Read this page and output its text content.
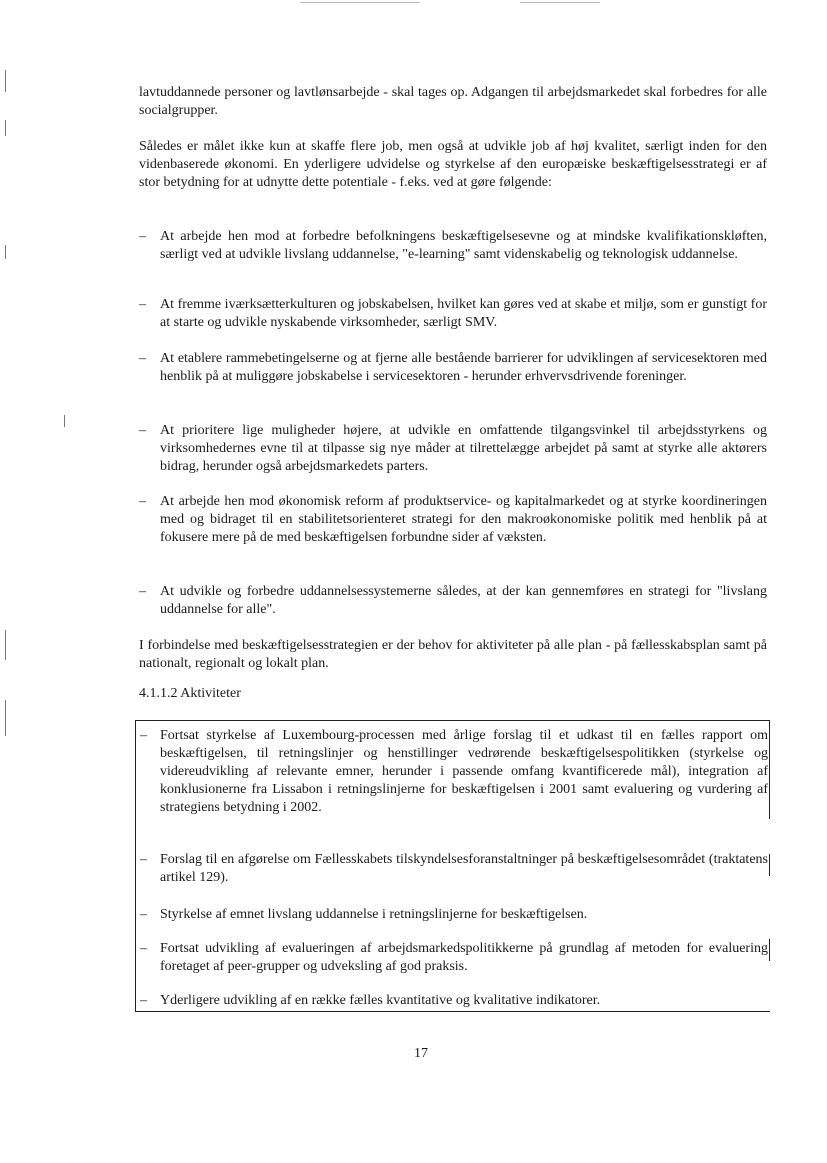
lavtuddannede personer og lavtlønsarbejde - skal tages op. Adgangen til arbejdsmarkedet skal forbedres for alle socialgrupper.

Således er målet ikke kun at skaffe flere job, men også at udvikle job af høj kvalitet, særligt inden for den videnbaserede økonomi. En yderligere udvidelse og styrkelse af den europæiske beskæftigelsesstrategi er af stor betydning for at udnytte dette potentiale - f.eks. ved at gøre følgende:

–	At arbejde hen mod at forbedre befolkningens beskæftigelsesevne og at mindske kvalifikationskløften, særligt ved at udvikle livslang uddannelse, "e-learning" samt videnskabelig og teknologisk uddannelse.

–	At fremme iværksætterkulturen og jobskabelsen, hvilket kan gøres ved at skabe et miljø, som er gunstigt for at starte og udvikle nyskabende virksomheder, særligt SMV.

–	At etablere rammebetingelserne og at fjerne alle bestående barrierer for udviklingen af servicesektoren med henblik på at muliggøre jobskabelse i servicesektoren - herunder erhvervsdrivende foreninger.

–	At prioritere lige muligheder højere, at udvikle en omfattende tilgangsvinkel til arbejdsstyrkens og virksomhedernes evne til at tilpasse sig nye måder at tilrettelægge arbejdet på samt at styrke alle aktørers bidrag, herunder også arbejdsmarkedets parters.

–	At arbejde hen mod økonomisk reform af produktservice- og kapitalmarkedet og at styrke koordineringen med og bidraget til en stabilitetsorienteret strategi for den makroøkonomiske politik med henblik på at fokusere mere på de med beskæftigelsen forbundne sider af væksten.

–	At udvikle og forbedre uddannelsessystemerne således, at der kan gennemføres en strategi for "livslang uddannelse for alle".

I forbindelse med beskæftigelsesstrategien er der behov for aktiviteter på alle plan - på fællesskabsplan samt på nationalt, regionalt og lokalt plan.

4.1.1.2 Aktiviteter
– Fortsat styrkelse af Luxembourg-processen med årlige forslag til et udkast til en fælles rapport om beskæftigelsen, til retningslinjer og henstillinger vedrørende beskæftigelsespolitikken (styrkelse og videreudvikling af relevante emner, herunder i passende omfang kvantificerede mål), integration af konklusionerne fra Lissabon i retningslinjerne for beskæftigelsen i 2001 samt evaluering og vurdering af strategiens betydning i 2002.

– Forslag til en afgørelse om Fællesskabets tilskyndelsesforanstaltninger på beskæftigelsesområdet (traktatens artikel 129).

– Styrkelse af emnet livslang uddannelse i retningslinjerne for beskæftigelsen.

– Fortsat udvikling af evalueringen af arbejdsmarkedspolitikkerne på grundlag af metoden for evaluering foretaget af peer-grupper og udveksling af god praksis.

– Yderligere udvikling af en række fælles kvantitative og kvalitative indikatorer.

17
